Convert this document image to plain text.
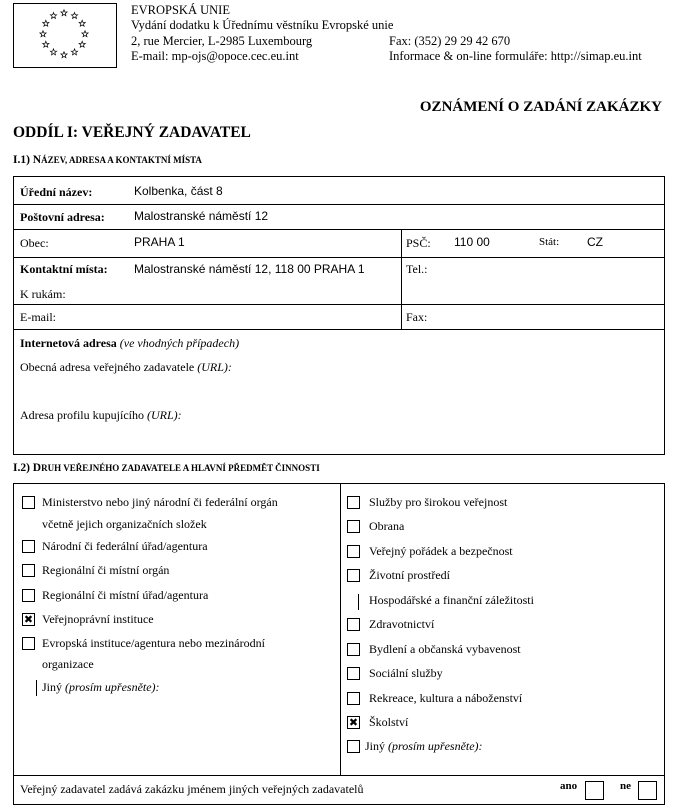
EVROPSKÁ UNIE
Vydání dodatku k Úřednímu věstníku Evropské unie
2, rue Mercier, L-2985 Luxembourg	Fax: (352) 29 29 42 670
E-mail: mp-ojs@opoce.cec.eu.int	Informace & on-line formuláře: http://simap.eu.int
OZNÁMENÍ O ZADÁNÍ ZAKÁZKY
ODDÍL I: VEŘEJNÝ ZADAVATEL
I.1) NÁZEV, ADRESA A KONTAKTNÍ MÍSTA
Úřední název:	Kolbenka, část 8
Poštovní adresa: Malostranské náměstí 12
Obec:	PRAHA 1	PSČ: 110 00	Stát: CZ
Kontaktní místa: Malostranské náměstí 12, 118 00 PRAHA 1
K rukám:
Tel.:
E-mail:	Fax:
Internetová adresa (ve vhodných případech)
Obecná adresa veřejného zadavatele (URL):
Adresa profilu kupujícího (URL):
I.2) DRUH VEŘEJNÉHO ZADAVATELE A HLAVNÍ PŘEDMĚT ČINNOSTI
Ministerstvo nebo jiný národní či federální orgán
včetně jejich organizačních složek
Národní či federální úřad/agentura
Regionální či místní orgán
Regionální či místní úřad/agentura
✖ Veřejnoprávní instituce
Evropská instituce/agentura nebo mezinárodní
organizace
Jiný (prosím upřesněte):
Služby pro širokou veřejnost
Obrana
Veřejný pořádek a bezpečnost
Životní prostředí
Hospodářské a finanční záležitosti
Zdravotnictví
Bydlení a občanská vybavenost
Sociální služby
Rekreace, kultura a náboženství
✖ Školství
Jiný (prosím upřesněte):
Veřejný zadavatel zadává zakázku jménem jiných veřejných zadavatelů	ano	ne
